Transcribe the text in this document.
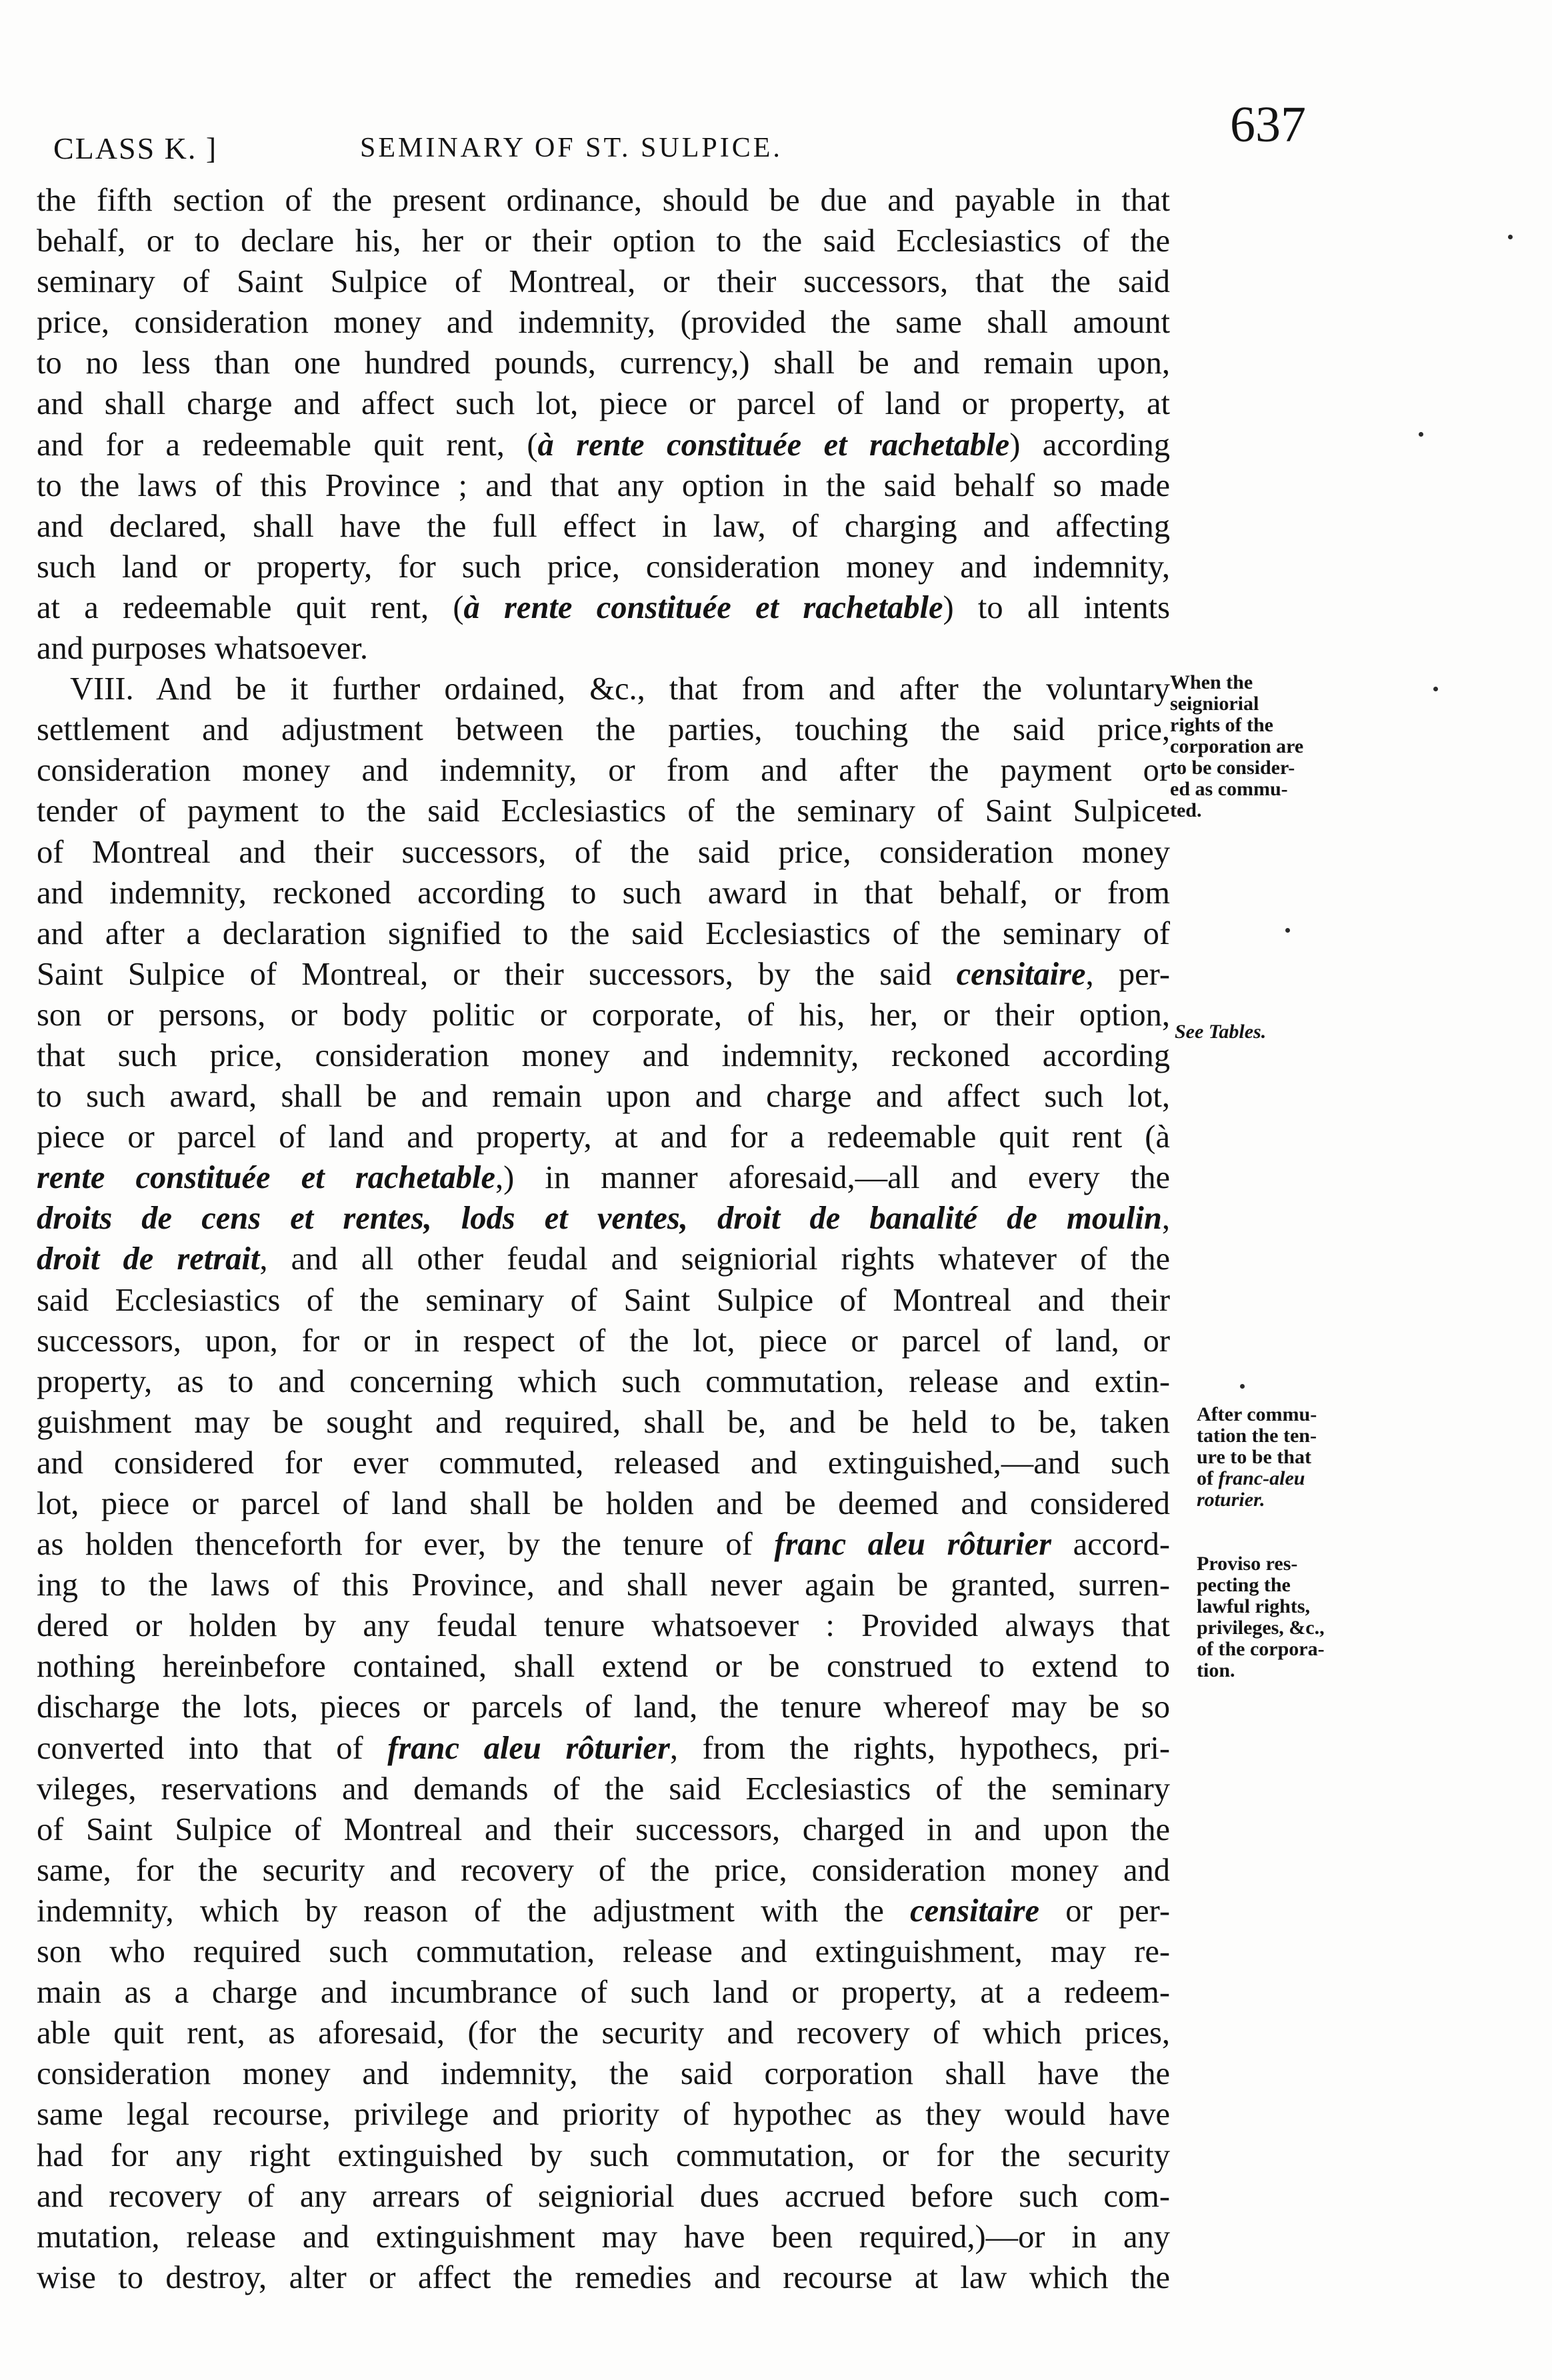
CLASS K. ]	SEMINARY OF ST. SULPICE.	637
the fifth section of the present ordinance, should be due and payable in that
behalf, or to declare his, her or their option to the said Ecclesiastics of the
seminary of Saint Sulpice of Montreal, or their successors, that the said
price, consideration money and indemnity, (provided the same shall amount
to no less than one hundred pounds, currency,) shall be and remain upon,
and shall charge and affect such lot, piece or parcel of land or property, at
and for a redeemable quit rent, (à rente constituée et rachetable) according
to the laws of this Province ; and that any option in the said behalf so made
and declared, shall have the full effect in law, of charging and affecting
such land or property, for such price, consideration money and indemnity,
at a redeemable quit rent, (à rente constituée et rachetable) to all intents
and purposes whatsoever.
VIII. And be it further ordained, &c., that from and after the voluntary
settlement and adjustment between the parties, touching the said price,
consideration money and indemnity, or from and after the payment or
tender of payment to the said Ecclesiastics of the seminary of Saint Sulpice
of Montreal and their successors, of the said price, consideration money
and indemnity, reckoned according to such award in that behalf, or from
and after a declaration signified to the said Ecclesiastics of the seminary of
Saint Sulpice of Montreal, or their successors, by the said censitaire, per-
son or persons, or body politic or corporate, of his, her, or their option,
that such price, consideration money and indemnity, reckoned according
to such award, shall be and remain upon and charge and affect such lot,
piece or parcel of land and property, at and for a redeemable quit rent (à
rente constituée et rachetable,) in manner aforesaid,—all and every the
droits de cens et rentes, lods et ventes, droit de banalité de moulin,
droit de retrait, and all other feudal and seigniorial rights whatever of the
said Ecclesiastics of the seminary of Saint Sulpice of Montreal and their
successors, upon, for or in respect of the lot, piece or parcel of land, or
property, as to and concerning which such commutation, release and extin-
guishment may be sought and required, shall be, and be held to be, taken
and considered for ever commuted, released and extinguished,—and such
lot, piece or parcel of land shall be holden and be deemed and considered
as holden thenceforth for ever, by the tenure of franc aleu rôturier accord-
ing to the laws of this Province, and shall never again be granted, surren-
dered or holden by any feudal tenure whatsoever : Provided always that
nothing hereinbefore contained, shall extend or be construed to extend to
discharge the lots, pieces or parcels of land, the tenure whereof may be so
converted into that of franc aleu rôturier, from the rights, hypothecs, pri-
vileges, reservations and demands of the said Ecclesiastics of the seminary
of Saint Sulpice of Montreal and their successors, charged in and upon the
same, for the security and recovery of the price, consideration money and
indemnity, which by reason of the adjustment with the censitaire or per-
son who required such commutation, release and extinguishment, may re-
main as a charge and incumbrance of such land or property, at a redeem-
able quit rent, as aforesaid, (for the security and recovery of which prices,
consideration money and indemnity, the said corporation shall have the
same legal recourse, privilege and priority of hypothec as they would have
had for any right extinguished by such commutation, or for the security
and recovery of any arrears of seigniorial dues accrued before such com-
mutation, release and extinguishment may have been required,)—or in any
wise to destroy, alter or affect the remedies and recourse at law which the
When the
seigniorial
rights of the
corporation are
to be consider-
ed as commu-
ted.
See Tables.
After commu-
tation the ten-
ure to be that
of franc-aleu
roturier.
Proviso res-
pecting the
lawful rights,
privileges, &c.,
of the corpora-
tion.
